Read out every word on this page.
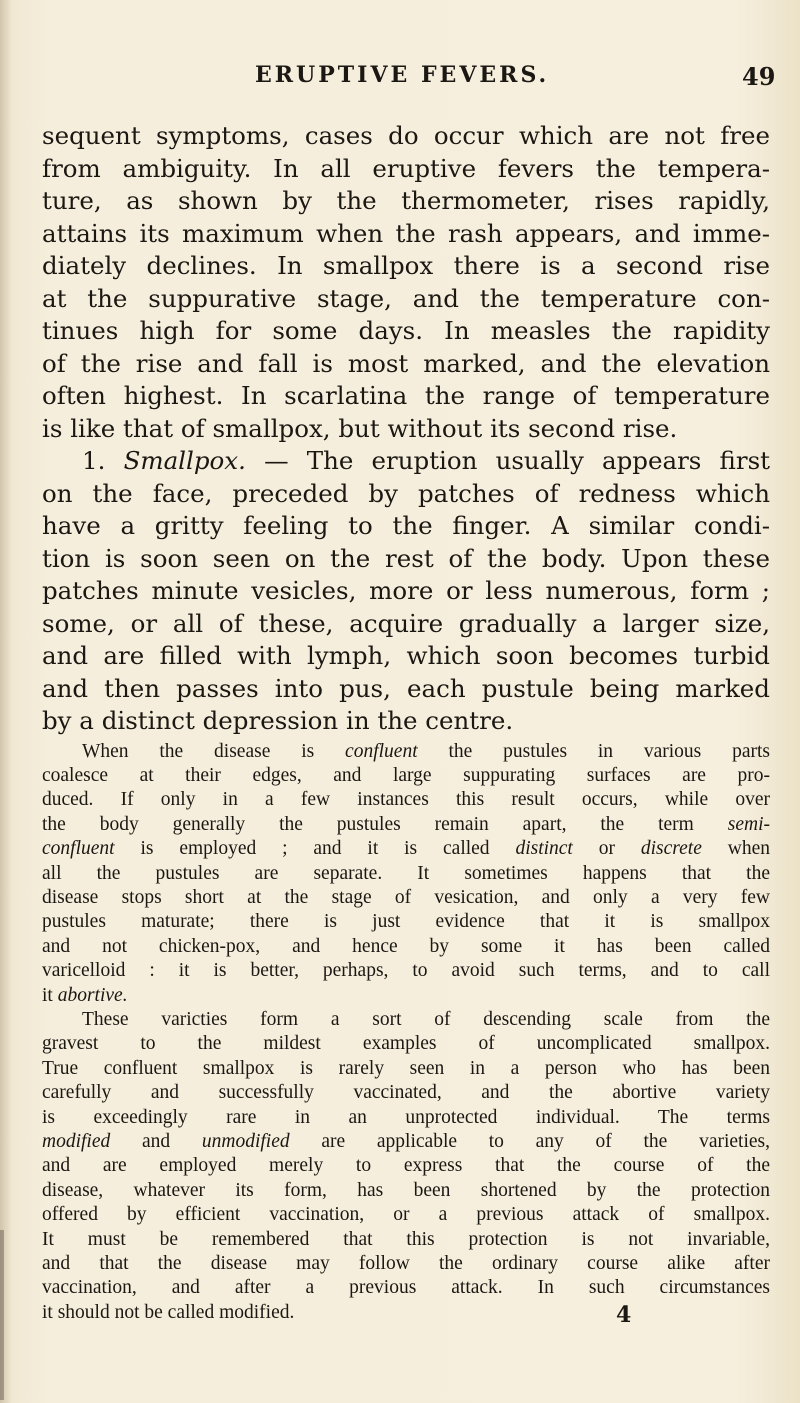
ERUPTIVE FEVERS.	49

sequent symptoms, cases do occur which are not free

from ambiguity. In all eruptive fevers the tempera-

ture, as shown by the thermometer, rises rapidly,

attains its maximum when the rash appears, and imme-

diately declines. In smallpox there is a second rise

at the suppurative stage, and the temperature con-

tinues high for some days. In measles the rapidity

of the rise and fall is most marked, and the elevation

often highest. In scarlatina the range of temperature

is like that of smallpox, but without its second rise.

1. Smallpox. — The eruption usually appears first

on the face, preceded by patches of redness which

have a gritty feeling to the finger. A similar condi-

tion is soon seen on the rest of the body. Upon these

patches minute vesicles, more or less numerous, form ;

some, or all of these, acquire gradually a larger size,

and are filled with lymph, which soon becomes turbid

and then passes into pus, each pustule being marked

by a distinct depression in the centre.

When the disease is confluent the pustules in various parts

coalesce at their edges, and large suppurating surfaces are pro-

duced. If only in a few instances this result occurs, while over

the body generally the pustules remain apart, the term semi-

confluent is employed ; and it is called distinct or discrete when

all the pustules are separate. It sometimes happens that the

disease stops short at the stage of vesication, and only a very few

pustules maturate; there is just evidence that it is smallpox

and not chicken-pox, and hence by some it has been called

varicelloid : it is better, perhaps, to avoid such terms, and to call

it abortive.

These varicties form a sort of descending scale from the

gravest to the mildest examples of uncomplicated smallpox.

True confluent smallpox is rarely seen in a person who has been

carefully and successfully vaccinated, and the abortive variety

is exceedingly rare in an unprotected individual. The terms

modified and unmodified are applicable to any of the varieties,

and are employed merely to express that the course of the

disease, whatever its form, has been shortened by the protection

offered by efficient vaccination, or a previous attack of smallpox.

It must be remembered that this protection is not invariable,

and that the disease may follow the ordinary course alike after

vaccination, and after a previous attack. In such circumstances

it should not be called modified.	4
